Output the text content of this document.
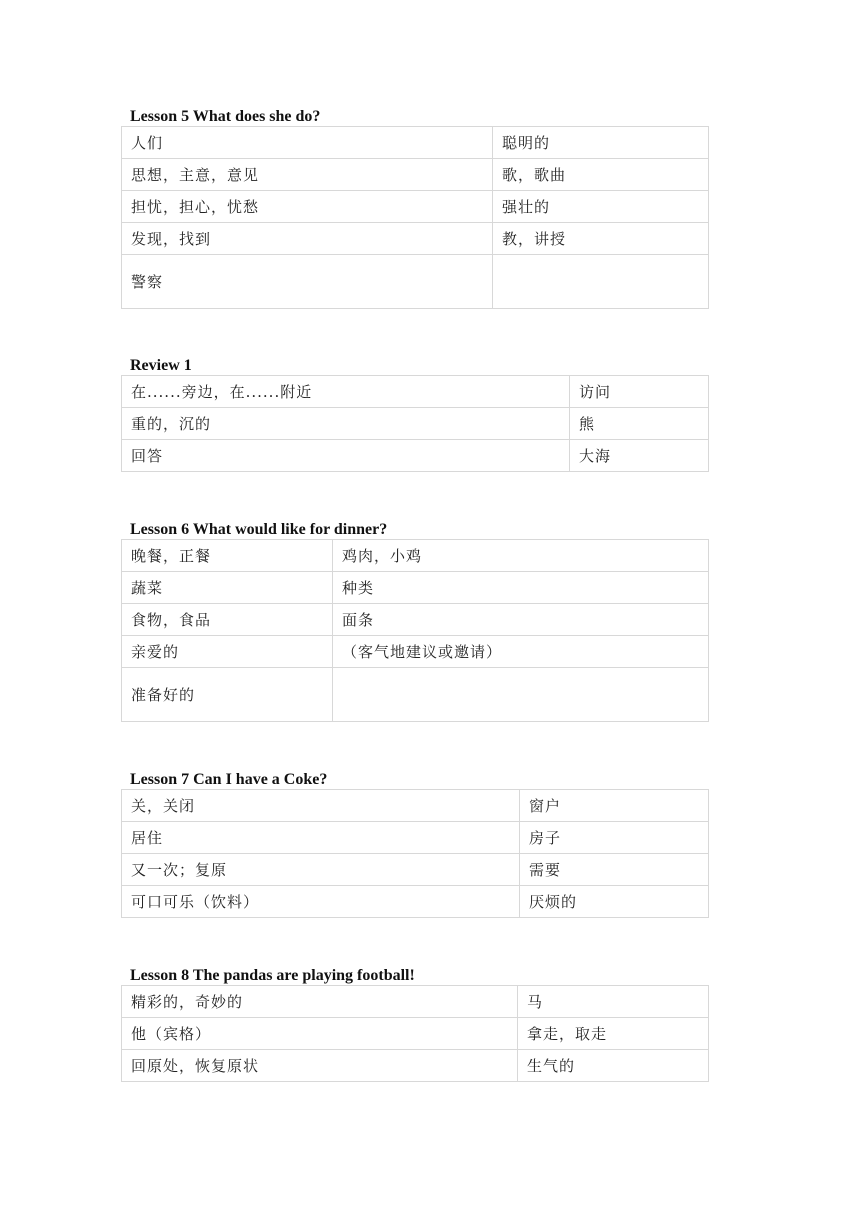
Lesson 5 What does she do?
人们	聪明的
思想，主意，意见	歌，歌曲
担忧，担心，忧愁	强壮的
发现，找到	教，讲授
警察	
Review 1
在......旁边，在......附近	访问
重的，沉的	熊
回答	大海
Lesson 6 What would like for dinner?
晚餐，正餐	鸡肉，小鸡
蔬菜	种类
食物，食品	面条
亲爱的	（客气地建议或邀请）
准备好的	
Lesson 7 Can I have a Coke?
关，关闭	窗户
居住	房子
又一次；复原	需要
可口可乐（饮料）	厌烦的
Lesson 8 The pandas are playing football!
精彩的，奇妙的	马
他（宾格）	拿走，取走
回原处，恢复原状	生气的
